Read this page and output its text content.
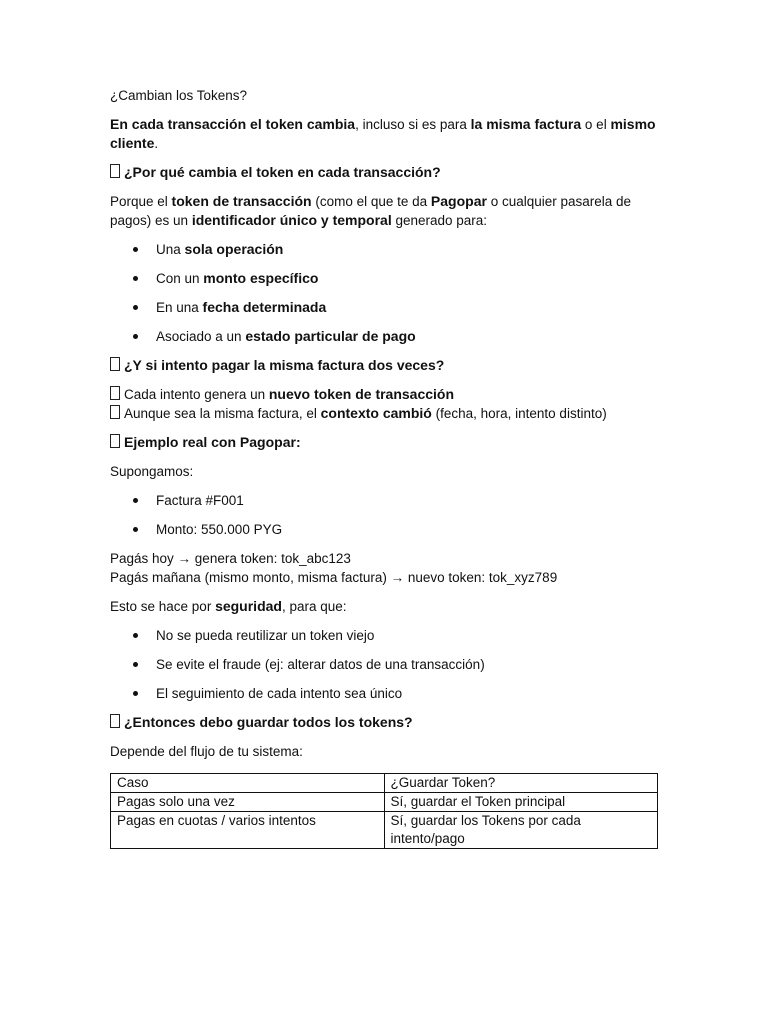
¿Cambian los Tokens?

En cada transacción el token cambia, incluso si es para la misma factura o el mismo cliente.

¿Por qué cambia el token en cada transacción?

Porque el token de transacción (como el que te da Pagopar o cualquier pasarela de pagos) es un identificador único y temporal generado para:

Una sola operación
Con un monto específico
En una fecha determinada
Asociado a un estado particular de pago

¿Y si intento pagar la misma factura dos veces?

Cada intento genera un nuevo token de transacción
Aunque sea la misma factura, el contexto cambió (fecha, hora, intento distinto)

Ejemplo real con Pagopar:

Supongamos:

Factura #F001
Monto: 550.000 PYG
Pagás hoy → genera token: tok_abc123
Pagás mañana (mismo monto, misma factura) → nuevo token: tok_xyz789

Esto se hace por seguridad, para que:

No se pueda reutilizar un token viejo
Se evite el fraude (ej: alterar datos de una transacción)
El seguimiento de cada intento sea único

¿Entonces debo guardar todos los tokens?

Depende del flujo de tu sistema:

Caso	¿Guardar Token?
Pagas solo una vez	Sí, guardar el Token principal
Pagas en cuotas / varios intentos	Sí, guardar los Tokens por cada intento/pago
